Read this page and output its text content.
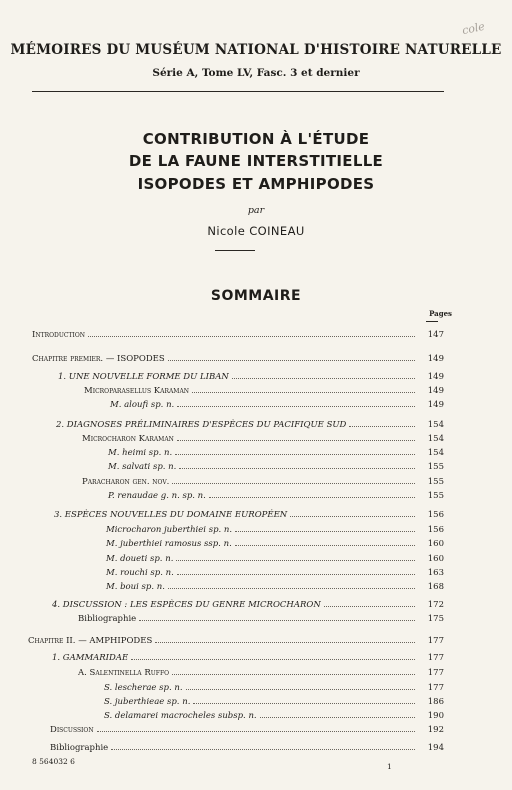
cole
MÉMOIRES DU MUSÉUM NATIONAL D'HISTOIRE NATURELLE
Série A, Tome LV, Fasc. 3 et dernier
CONTRIBUTION À L'ÉTUDE
DE LA FAUNE INTERSTITIELLE
ISOPODES ET AMPHIPODES
par
Nicole COINEAU
SOMMAIRE
Pages
Introduction	147
Chapitre premier. — ISOPODES	149
1. UNE NOUVELLE FORME DU LIBAN	149
Microparasellus Karaman	149
M. aloufi sp. n.	149
2. DIAGNOSES PRÉLIMINAIRES D'ESPÈCES DU PACIFIQUE SUD	154
Microcharon Karaman	154
M. heimi sp. n.	154
M. salvati sp. n.	155
Paracharon gen. nov.	155
P. renaudae g. n. sp. n.	155
3. ESPÈCES NOUVELLES DU DOMAINE EUROPÉEN	156
Microcharon juberthiei sp. n.	156
M. juberthiei ramosus ssp. n.	160
M. doueti sp. n.	160
M. rouchi sp. n.	163
M. boui sp. n.	168
4. DISCUSSION : LES ESPÈCES DU GENRE MICROCHARON	172
Bibliographie	175
Chapitre II. — AMPHIPODES	177
1. GAMMARIDAE	177
A. Salentinella Ruffo	177
S. lescherae sp. n.	177
S. juberthieae sp. n.	186
S. delamarei macrocheles subsp. n.	190
Discussion	192
Bibliographie	194
8 564032 6
1
